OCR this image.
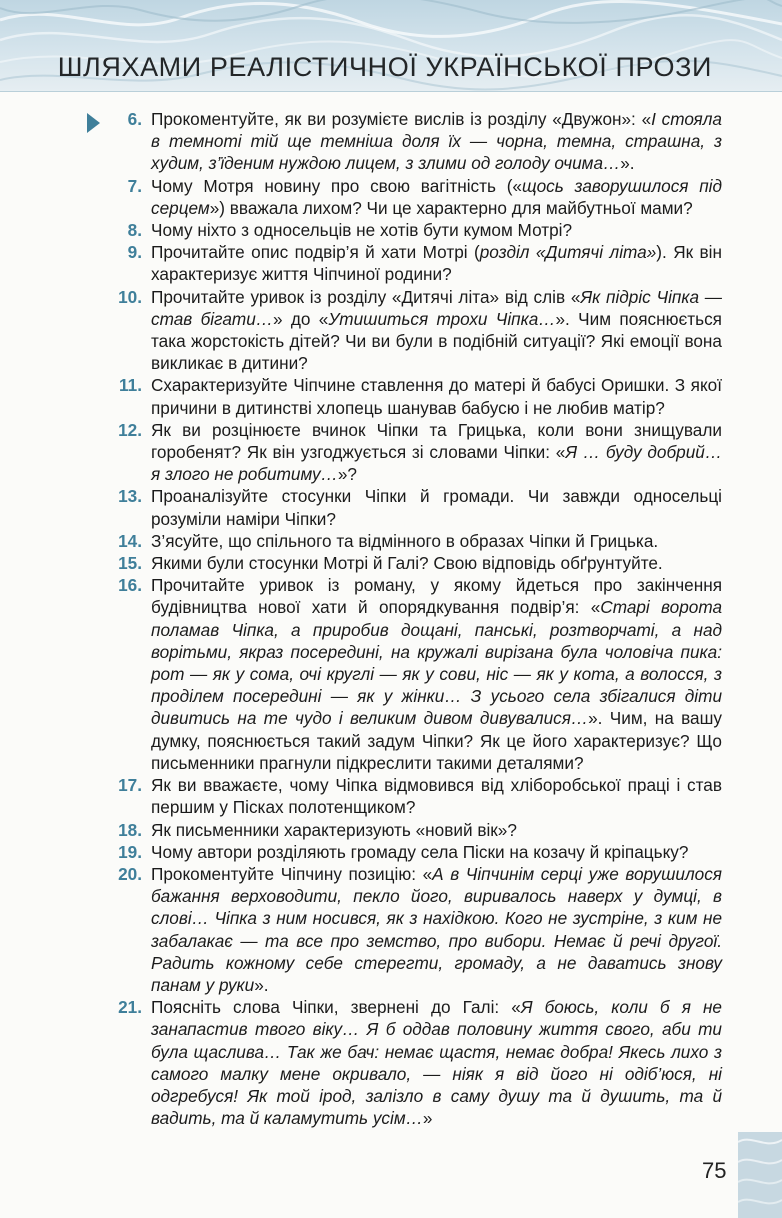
ШЛЯХАМИ РЕАЛІСТИЧНОЇ УКРАЇНСЬКОЇ ПРОЗИ
6. Прокоментуйте, як ви розумієте вислів із розділу «Двужон»: «І стояла в темноті тій ще темніша доля їх — чорна, темна, страшна, з худим, з’їденим нуждою лицем, з злими од голоду очима…».
7. Чому Мотря новину про свою вагітність («щось заворушилося під серцем») вважала лихом? Чи це характерно для майбутньої мами?
8. Чому ніхто з односельців не хотів бути кумом Мотрі?
9. Прочитайте опис подвір’я й хати Мотрі (розділ «Дитячі літа»). Як він характеризує життя Чіпчиної родини?
10. Прочитайте уривок із розділу «Дитячі літа» від слів «Як підріс Чіпка — став бігати…» до «Утишиться трохи Чіпка…». Чим пояснюється така жорстокість дітей? Чи ви були в подібній ситуації? Які емоції вона викликає в дитини?
11. Схарактеризуйте Чіпчине ставлення до матері й бабусі Оришки. З якої причини в дитинстві хлопець шанував бабусю і не любив матір?
12. Як ви розцінюєте вчинок Чіпки та Грицька, коли вони знищували горобенят? Як він узгоджується зі словами Чіпки: «Я … буду добрий… я злого не робитиму…»?
13. Проаналізуйте стосунки Чіпки й громади. Чи завжди односельці розуміли наміри Чіпки?
14. З’ясуйте, що спільного та відмінного в образах Чіпки й Грицька.
15. Якими були стосунки Мотрі й Галі? Свою відповідь обґрунтуйте.
16. Прочитайте уривок із роману, у якому йдеться про закінчення будівництва нової хати й опорядкування подвір’я: «Старі ворота поламав Чіпка, а приробив дощані, панські, розтворчаті, а над ворітьми, якраз посередині, на кружалі вирізана була чоловіча пика: рот — як у сома, очі круглі — як у сови, ніс — як у кота, а волосся, з проділем посередині — як у жінки… З усього села збігалися діти дивитись на те чудо і великим дивом дивувалися…». Чим, на вашу думку, пояснюється такий задум Чіпки? Як це його характеризує? Що письменники прагнули підкреслити такими деталями?
17. Як ви вважаєте, чому Чіпка відмовився від хліборобської праці і став першим у Пісках полотенщиком?
18. Як письменники характеризують «новий вік»?
19. Чому автори розділяють громаду села Піски на козачу й кріпацьку?
20. Прокоментуйте Чіпчину позицію: «А в Чіпчинім серці уже ворушилося бажання верховодити, пекло його, виривалось наверх у думці, в слові… Чіпка з ним носився, як з нахідкою. Кого не зустріне, з ким не забалакає — та все про земство, про вибори. Немає й речі другої. Радить кожному себе стерегти, громаду, а не даватись знову панам у руки».
21. Поясніть слова Чіпки, звернені до Галі: «Я боюсь, коли б я не занапастив твого віку… Я б оддав половину життя свого, аби ти була щаслива… Так же бач: немає щастя, немає добра! Якесь лихо з самого малку мене окривало, — ніяк я від його ні одіб’юся, ні одгребуся! Як той ірод, залізло в саму душу та й душить, та й вадить, та й каламутить усім…»
75
